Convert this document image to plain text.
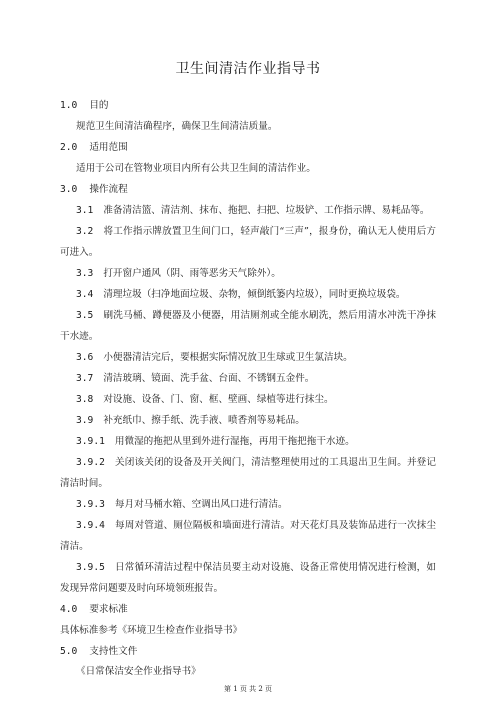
卫生间清洁作业指导书
1.0 目的
规范卫生间清洁确程序，确保卫生间清洁质量。
2.0 适用范围
适用于公司在管物业项目内所有公共卫生间的清洁作业。
3.0 操作流程
3.1 准备清洁篮、清洁剂、抹布、拖把、扫把、垃圾铲、工作指示牌、易耗品等。
3.2 将工作指示牌放置卫生间门口，轻声敲门“三声”，报身份，确认无人使用后方可进入。
3.3 打开窗户通风（阴、雨等恶劣天气除外）。
3.4 清理垃圾（扫净地面垃圾、杂物，倾倒纸篓内垃圾），同时更换垃圾袋。
3.5 刷洗马桶、蹲便器及小便器，用洁厕剂或全能水刷洗，然后用清水冲洗干净抹干水迹。
3.6 小便器清洁完后，要根据实际情况放卫生球或卫生氯洁块。
3.7 清洁玻璃、镜面、洗手盆、台面、不锈钢五金件。
3.8 对设施、设备、门、窗、框、壁画、绿植等进行抹尘。
3.9 补充纸巾、擦手纸、洗手液、喷香剂等易耗品。
3.9.1 用微湿的拖把从里到外进行湿拖，再用干拖把拖干水迹。
3.9.2 关闭该关闭的设备及开关阀门，清洁整理使用过的工具退出卫生间。并登记清洁时间。
3.9.3 每月对马桶水箱、空调出风口进行清洁。
3.9.4 每周对管道、厕位隔板和墙面进行清洁。对天花灯具及装饰品进行一次抹尘清洁。
3.9.5 日常循环清洁过程中保洁员要主动对设施、设备正常使用情况进行检测，如发现异常问题要及时向环境领班报告。
4.0 要求标准
具体标准参考《环境卫生检查作业指导书》
5.0 支持性文件
《日常保洁安全作业指导书》
第 1 页 共 2 页
